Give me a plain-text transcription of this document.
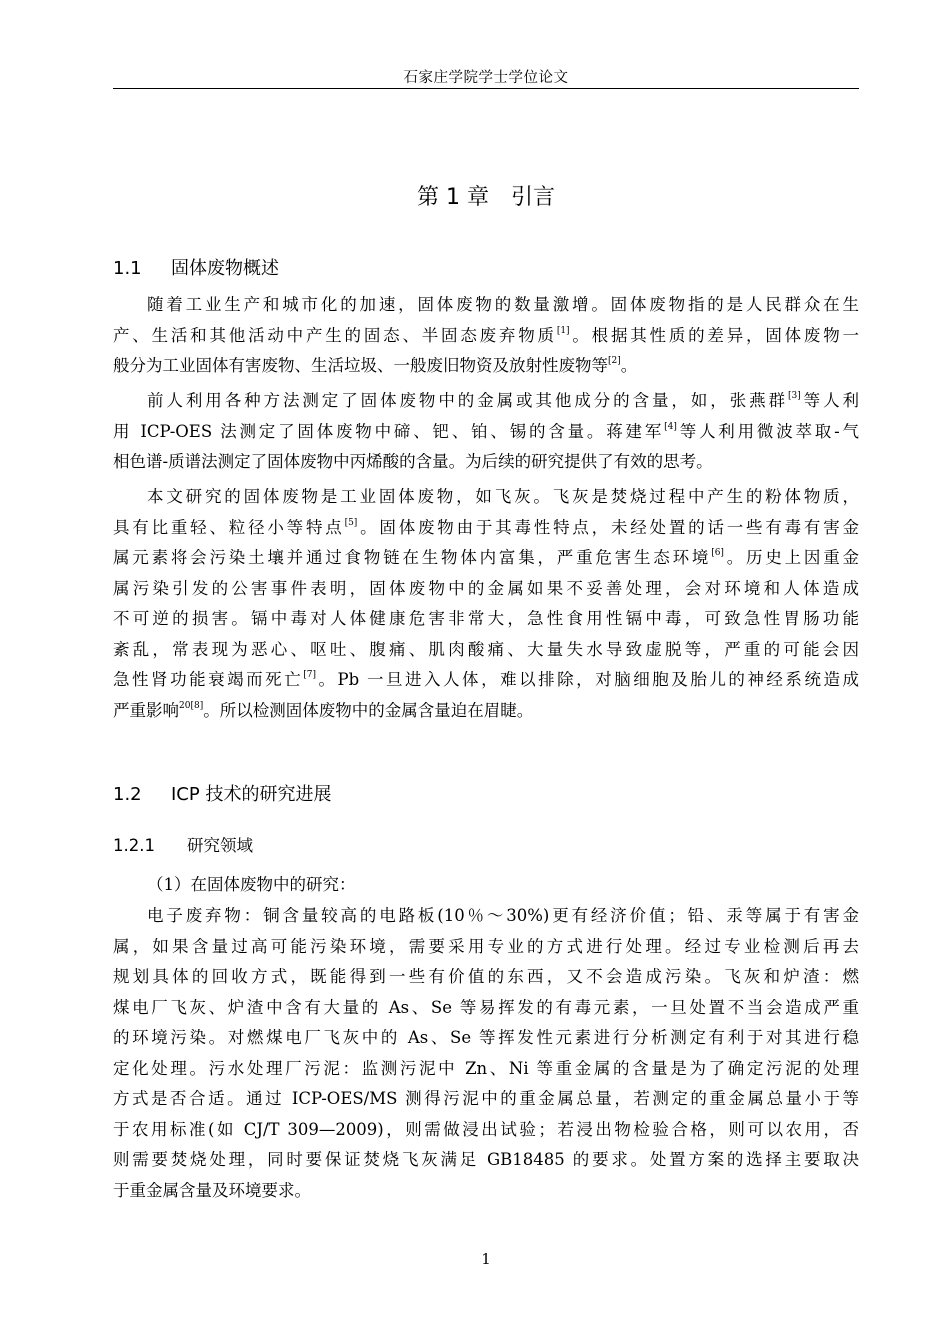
石家庄学院学士学位论文
第 1 章 引言
1.1 固体废物概述

随着工业生产和城市化的加速，固体废物的数量激增。固体废物指的是人民群众在生
产、生活和其他活动中产生的固态、半固态废弃物质[1]。根据其性质的差异，固体废物一
般分为工业固体有害废物、生活垃圾、一般废旧物资及放射性废物等[2]。

前人利用各种方法测定了固体废物中的金属或其他成分的含量，如，张燕群[3]等人利
用 ICP-OES 法测定了固体废物中碲、钯、铂、锡的含量。蒋建军[4]等人利用微波萃取-气
相色谱-质谱法测定了固体废物中丙烯酸的含量。为后续的研究提供了有效的思考。

本文研究的固体废物是工业固体废物，如飞灰。飞灰是焚烧过程中产生的粉体物质，
具有比重轻、粒径小等特点[5]。固体废物由于其毒性特点，未经处置的话一些有毒有害金
属元素将会污染土壤并通过食物链在生物体内富集，严重危害生态环境[6]。历史上因重金
属污染引发的公害事件表明，固体废物中的金属如果不妥善处理，会对环境和人体造成
不可逆的损害。镉中毒对人体健康危害非常大，急性食用性镉中毒，可致急性胃肠功能
紊乱，常表现为恶心、呕吐、腹痛、肌肉酸痛、大量失水导致虚脱等，严重的可能会因
急性肾功能衰竭而死亡[7]。Pb 一旦进入人体，难以排除，对脑细胞及胎儿的神经系统造成
严重影响$^{20[8]}$。所以检测固体废物中的金属含量迫在眉睫。

1.2 ICP 技术的研究进展
1.2.1 研究领域

（1）在固体废物中的研究：

电子废弃物：铜含量较高的电路板(10％～30%)更有经济价值；铅、汞等属于有害金
属，如果含量过高可能污染环境，需要采用专业的方式进行处理。经过专业检测后再去
规划具体的回收方式，既能得到一些有价值的东西，又不会造成污染。飞灰和炉渣：燃
煤电厂飞灰、炉渣中含有大量的 As、Se 等易挥发的有毒元素，一旦处置不当会造成严重
的环境污染。对燃煤电厂飞灰中的 As、Se 等挥发性元素进行分析测定有利于对其进行稳
定化处理。污水处理厂污泥：监测污泥中 Zn、Ni 等重金属的含量是为了确定污泥的处理
方式是否合适。通过 ICP-OES/MS 测得污泥中的重金属总量，若测定的重金属总量小于等
于农用标准(如 CJ/T 309—2009)，则需做浸出试验；若浸出物检验合格，则可以农用，否
则需要焚烧处理，同时要保证焚烧飞灰满足 GB18485 的要求。处置方案的选择主要取决
于重金属含量及环境要求。

1
